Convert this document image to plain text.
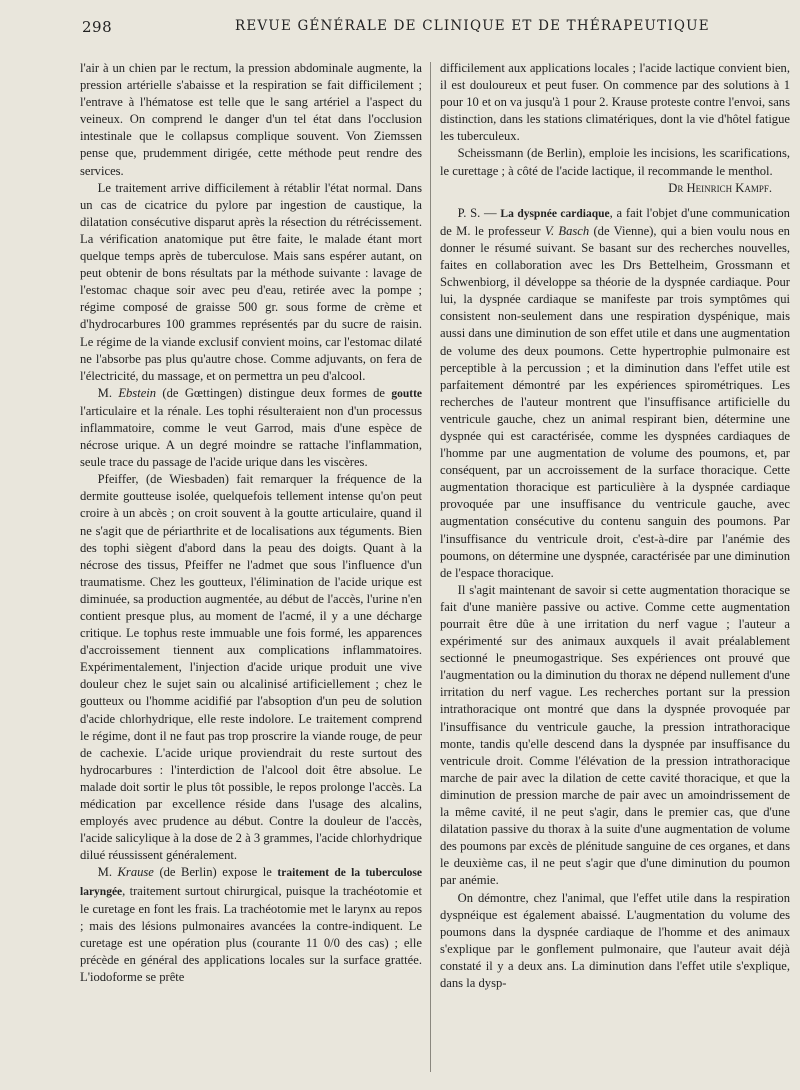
298	REVUE GÉNÉRALE DE CLINIQUE ET DE THÉRAPEUTIQUE

l'air à un chien par le rectum, la pression abdominale augmente, la pression artérielle s'abaisse et la respiration se fait difficilement ; l'entrave à l'hématose est telle que le sang artériel a l'aspect du veineux. On comprend le danger d'un tel état dans l'occlusion intestinale que le collapsus complique souvent. Von Ziemssen pense que, prudemment dirigée, cette méthode peut rendre des services.

Le traitement arrive difficilement à rétablir l'état normal. Dans un cas de cicatrice du pylore par ingestion de caustique, la dilatation consécutive disparut après la résection du rétrécissement. La vérification anatomique put être faite, le malade étant mort quelque temps après de tuberculose. Mais sans espérer autant, on peut obtenir de bons résultats par la méthode suivante : lavage de l'estomac chaque soir avec peu d'eau, retirée avec la pompe ; régime composé de graisse 500 gr. sous forme de crème et d'hydrocarbures 100 grammes représentés par du sucre de raisin. Le régime de la viande exclusif convient moins, car l'estomac dilaté ne l'absorbe pas plus qu'autre chose. Comme adjuvants, on fera de l'électricité, du massage, et on permettra un peu d'alcool.

M. Ebstein (de Gœttingen) distingue deux formes de goutte l'articulaire et la rénale. Les tophi résulteraient non d'un processus inflammatoire, comme le veut Garrod, mais d'une espèce de nécrose urique. A un degré moindre se rattache l'inflammation, seule trace du passage de l'acide urique dans les viscères.

Pfeiffer, (de Wiesbaden) fait remarquer la fréquence de la dermite goutteuse isolée, quelquefois tellement intense qu'on peut croire à un abcès ; on croit souvent à la goutte articulaire, quand il ne s'agit que de périarthrite et de localisations aux téguments. Bien des tophi siègent d'abord dans la peau des doigts. Quant à la nécrose des tissus, Pfeiffer ne l'admet que sous l'influence d'un traumatisme. Chez les goutteux, l'élimination de l'acide urique est diminuée, sa production augmentée, au début de l'accès, l'urine n'en contient presque plus, au moment de l'acmé, il y a une décharge critique. Le tophus reste immuable une fois formé, les apparences d'accroissement tiennent aux complications inflammatoires. Expérimentalement, l'injection d'acide urique produit une vive douleur chez le sujet sain ou alcalinisé artificiellement ; chez le goutteux ou l'homme acidifié par l'absoption d'un peu de solution d'acide chlorhydrique, elle reste indolore. Le traitement comprend le régime, dont il ne faut pas trop proscrire la viande rouge, de peur de cachexie. L'acide urique proviendrait du reste surtout des hydrocarbures : l'interdiction de l'alcool doit être absolue. Le malade doit sortir le plus tôt possible, le repos prolonge l'accès. La médication par excellence réside dans l'usage des alcalins, employés avec prudence au début. Contre la douleur de l'accès, l'acide salicylique à la dose de 2 à 3 grammes, l'acide chlorhydrique dilué réussissent généralement.

M. Krause (de Berlin) expose le traitement de la tuberculose laryngée, traitement surtout chirurgical, puisque la trachéotomie et le curetage en font les frais. La trachéotomie met le larynx au repos ; mais des lésions pulmonaires avancées la contre-indiquent. Le curetage est une opération plus (courante 11 0/0 des cas) ; elle précède en général des applications locales sur la surface grattée. L'iodoforme se prête

difficilement aux applications locales ; l'acide lactique convient bien, il est douloureux et peut fuser. On commence par des solutions à 1 pour 10 et on va jusqu'à 1 pour 2. Krause proteste contre l'envoi, sans distinction, dans les stations climatériques, dont la vie d'hôtel fatigue les tuberculeux.

Scheissmann (de Berlin), emploie les incisions, les scarifications, le curettage ; à côté de l'acide lactique, il recommande le menthol.

Dr Heinrich Kampf.

P. S. — La dyspnée cardiaque, a fait l'objet d'une communication de M. le professeur V. Basch (de Vienne), qui a bien voulu nous en donner le résumé suivant. Se basant sur des recherches nouvelles, faites en collaboration avec les Drs Bettelheim, Grossmann et Schwenbiorg, il développe sa théorie de la dyspnée cardiaque. Pour lui, la dyspnée cardiaque se manifeste par trois symptômes qui consistent non-seulement dans une respiration dyspénique, mais aussi dans une diminution de son effet utile et dans une augmentation de volume des deux poumons. Cette hypertrophie pulmonaire est perceptible à la percussion ; et la diminution dans l'effet utile est parfaitement démontré par les expériences spirométriques. Les recherches de l'auteur montrent que l'insuffisance artificielle du ventricule gauche, chez un animal respirant bien, détermine une dyspnée qui est caractérisée, comme les dyspnées cardiaques de l'homme par une augmentation de volume des poumons, et, par conséquent, par un accroissement de la surface thoracique. Cette augmentation thoracique est particulière à la dyspnée cardiaque provoquée par une insuffisance du ventricule gauche, avec augmentation consécutive du contenu sanguin des poumons. Par l'insuffisance du ventricule droit, c'est-à-dire par l'anémie des poumons, on détermine une dyspnée, caractérisée par une diminution de l'espace thoracique.

Il s'agit maintenant de savoir si cette augmentation thoracique se fait d'une manière passive ou active. Comme cette augmentation pourrait être dûe à une irritation du nerf vague ; l'auteur a expérimenté sur des animaux auxquels il avait préalablement sectionné le pneumogastrique. Ses expériences ont prouvé que l'augmentation ou la diminution du thorax ne dépend nullement d'une irritation du nerf vague. Les recherches portant sur la pression intrathoracique ont montré que dans la dyspnée provoquée par l'insuffisance du ventricule gauche, la pression intrathoracique monte, tandis qu'elle descend dans la dyspnée par insuffisance du ventricule droit. Comme l'élévation de la pression intrathoracique marche de pair avec la dilation de cette cavité thoracique, et que la diminution de pression marche de pair avec un amoindrissement de la même cavité, il ne peut s'agir, dans le premier cas, que d'une dilatation passive du thorax à la suite d'une augmentation de volume des poumons par excès de plénitude sanguine de ces organes, et dans le deuxième cas, il ne peut s'agir que d'une diminution du poumon par anémie.

On démontre, chez l'animal, que l'effet utile dans la respiration dyspnéique est également abaissé. L'augmentation du volume des poumons dans la dyspnée cardiaque de l'homme et des animaux s'explique par le gonflement pulmonaire, que l'auteur avait déjà constaté il y a deux ans. La diminution dans l'effet utile s'explique, dans la dysp-
